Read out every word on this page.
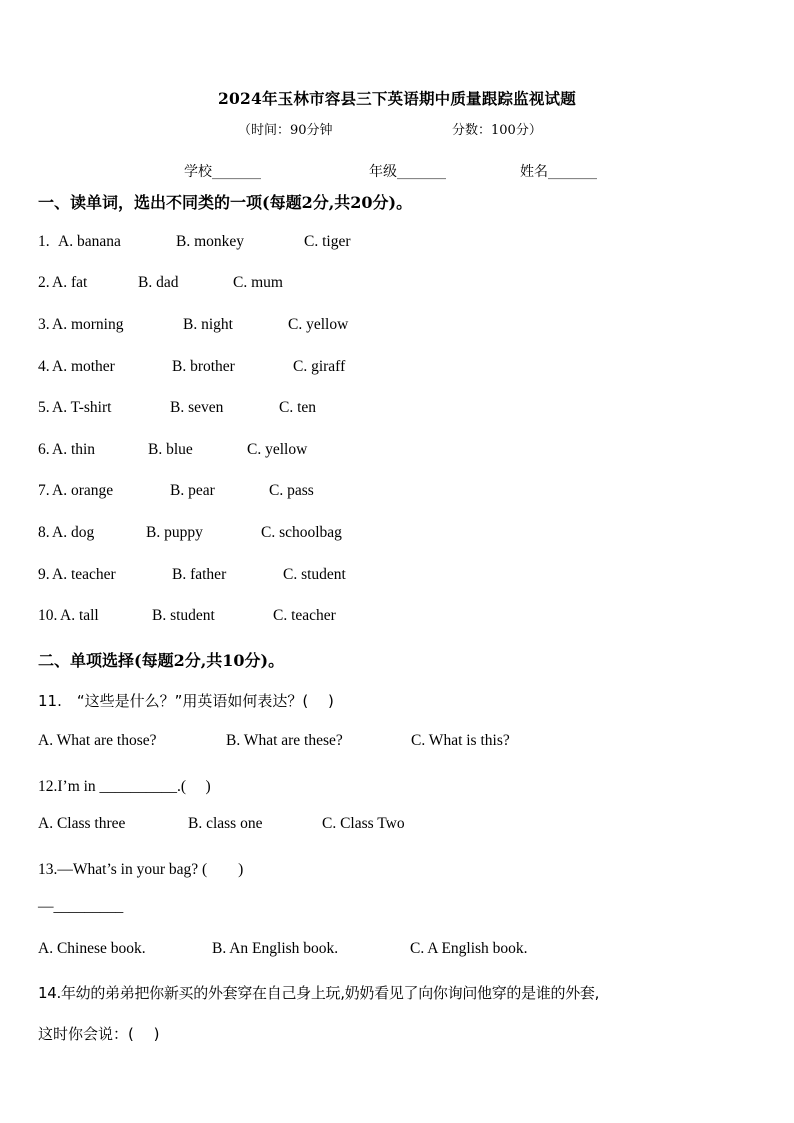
2024年玉林市容县三下英语期中质量跟踪监视试题
（时间：90分钟	分数：100分）
学校_______	年级_______	姓名_______
一、读单词，选出不同类的一项(每题2分,共20分)。
1. A. banana	B. monkey	C. tiger
2. A. fat	B. dad	C. mum
3. A. morning	B. night	C. yellow
4. A. mother	B. brother	C. giraff
5. A. T-shirt	B. seven	C. ten
6. A. thin	B. blue	C. yellow
7. A. orange	B. pear	C. pass
8. A. dog	B. puppy	C. schoolbag
9. A. teacher	B. father	C. student
10. A. tall	B. student	C. teacher
二、单项选择(每题2分,共10分)。
11.　“这些是什么？”用英语如何表达？(　 )
A. What are those?	B. What are these?	C. What is this?
12.I’m in __________.(　 )
A. Class three	B. class one	C. Class Two
13.—What’s in your bag? (　　)
—_________
A. Chinese book.	B. An English book.	C. A English book.
14.年幼的弟弟把你新买的外套穿在自己身上玩,奶奶看见了向你询问他穿的是谁的外套,
这时你会说：(　 )
